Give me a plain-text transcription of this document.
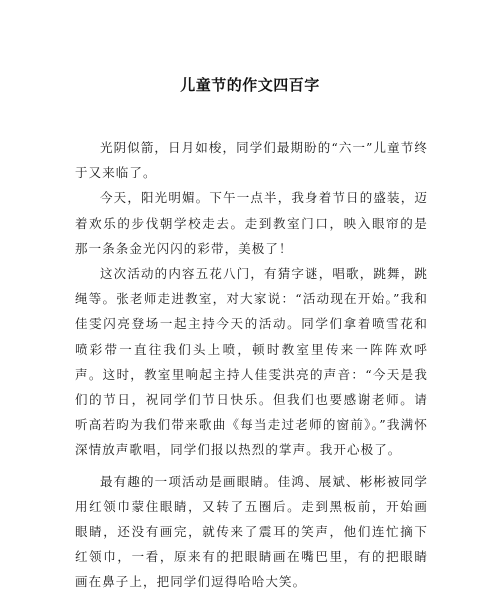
儿童节的作文四百字

光阴似箭，日月如梭，同学们最期盼的“六一”儿童节终于又来临了。

今天，阳光明媚。下午一点半，我身着节日的盛装，迈着欢乐的步伐朝学校走去。走到教室门口，映入眼帘的是那一条条金光闪闪的彩带，美极了！

这次活动的内容五花八门，有猜字谜，唱歌，跳舞，跳绳等。张老师走进教室，对大家说：“活动现在开始。”我和佳雯闪亮登场一起主持今天的活动。同学们拿着喷雪花和喷彩带一直往我们头上喷，顿时教室里传来一阵阵欢呼声。这时，教室里响起主持人佳雯洪亮的声音：“今天是我们的节日，祝同学们节日快乐。但我们也要感谢老师。请听高若昀为我们带来歌曲《每当走过老师的窗前》。”我满怀深情放声歌唱，同学们报以热烈的掌声。我开心极了。

最有趣的一项活动是画眼睛。佳鸿、展斌、彬彬被同学用红领巾蒙住眼睛，又转了五圈后。走到黑板前，开始画眼睛，还没有画完，就传来了震耳的笑声，他们连忙摘下红领巾，一看，原来有的把眼睛画在嘴巴里，有的把眼睛画在鼻子上，把同学们逗得哈哈大笑。
